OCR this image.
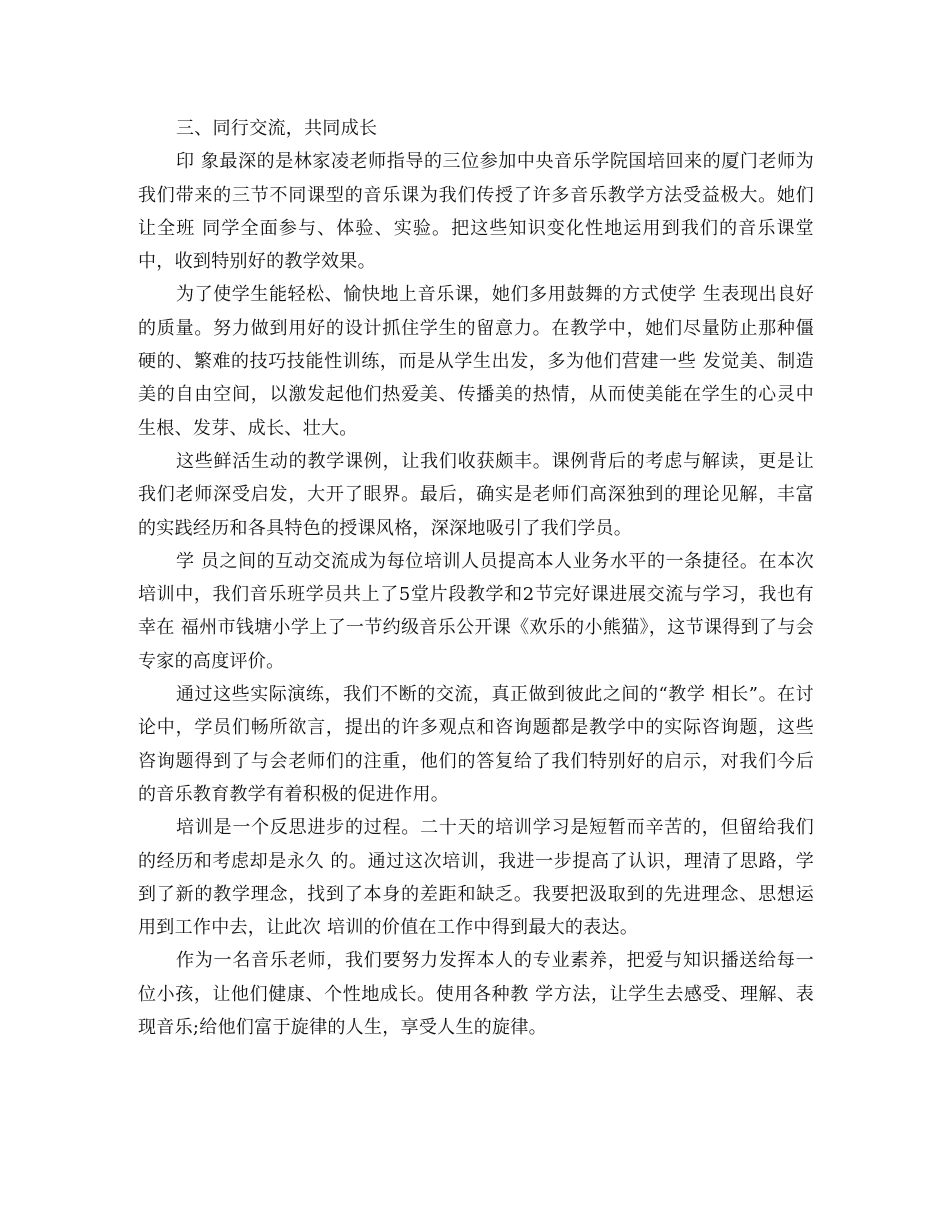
三、同行交流，共同成长

印 象最深的是林家凌老师指导的三位参加中央音乐学院国培回来的厦门老师为我们带来的三节不同课型的音乐课为我们传授了许多音乐教学方法受益极大。她们让全班 同学全面参与、体验、实验。把这些知识变化性地运用到我们的音乐课堂中，收到特别好的教学效果。

为了使学生能轻松、愉快地上音乐课，她们多用鼓舞的方式使学 生表现出良好的质量。努力做到用好的设计抓住学生的留意力。在教学中，她们尽量防止那种僵硬的、繁难的技巧技能性训练，而是从学生出发，多为他们营建一些 发觉美、制造美的自由空间，以激发起他们热爱美、传播美的热情，从而使美能在学生的心灵中生根、发芽、成长、壮大。

这些鲜活生动的教学课例，让我们收获颇丰。课例背后的考虑与解读，更是让我们老师深受启发，大开了眼界。最后，确实是老师们高深独到的理论见解，丰富的实践经历和各具特色的授课风格，深深地吸引了我们学员。

学 员之间的互动交流成为每位培训人员提高本人业务水平的一条捷径。在本次培训中，我们音乐班学员共上了5堂片段教学和2节完好课进展交流与学习，我也有幸在 福州市钱塘小学上了一节约级音乐公开课《欢乐的小熊猫》，这节课得到了与会专家的高度评价。

通过这些实际演练，我们不断的交流，真正做到彼此之间的“教学 相长”。在讨论中，学员们畅所欲言，提出的许多观点和咨询题都是教学中的实际咨询题，这些咨询题得到了与会老师们的注重，他们的答复给了我们特别好的启示，对我们今后的音乐教育教学有着积极的促进作用。

培训是一个反思进步的过程。二十天的培训学习是短暂而辛苦的，但留给我们的经历和考虑却是永久 的。通过这次培训，我进一步提高了认识，理清了思路，学到了新的教学理念，找到了本身的差距和缺乏。我要把汲取到的先进理念、思想运用到工作中去，让此次 培训的价值在工作中得到最大的表达。

作为一名音乐老师，我们要努力发挥本人的专业素养，把爱与知识播送给每一位小孩，让他们健康、个性地成长。使用各种教 学方法，让学生去感受、理解、表现音乐;给他们富于旋律的人生，享受人生的旋律。
